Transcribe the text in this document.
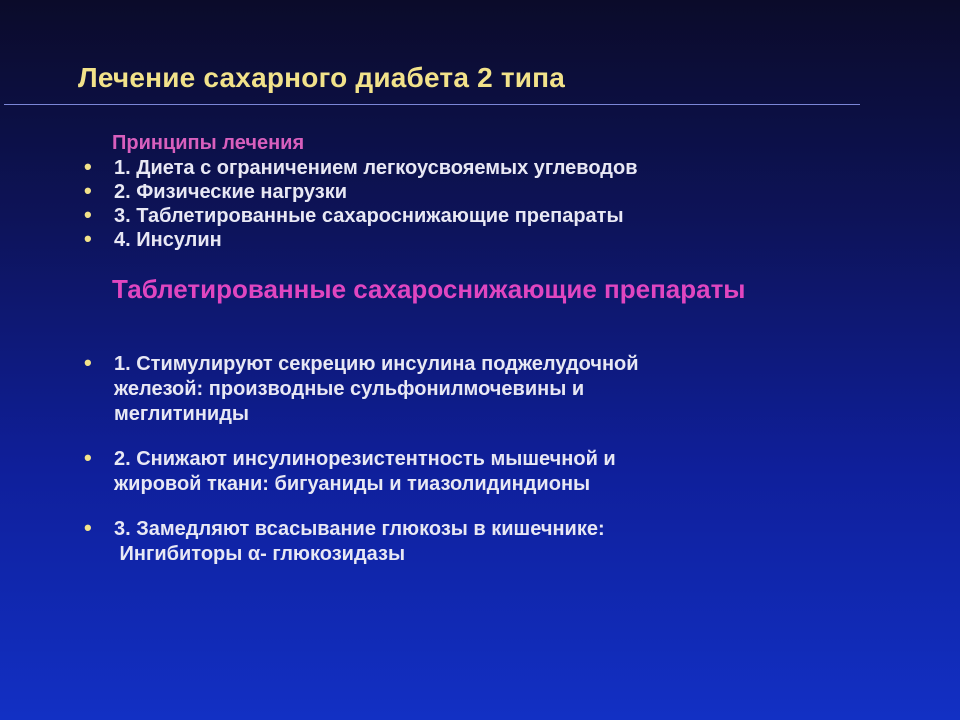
Лечение сахарного диабета 2 типа
Принципы лечения
• 1. Диета с ограничением легкоусвояемых углеводов
• 2. Физические нагрузки
• 3. Таблетированные сахароснижающие препараты
• 4. Инсулин
Таблетированные сахароснижающие препараты
• 1. Стимулируют секрецию инсулина поджелудочной
железой: производные сульфонилмочевины и
меглитиниды
• 2. Снижают инсулинорезистентность мышечной и
жировой ткани: бигуаниды и тиазолидиндионы
• 3. Замедляют всасывание глюкозы в кишечнике:
Ингибиторы α- глюкозидазы
